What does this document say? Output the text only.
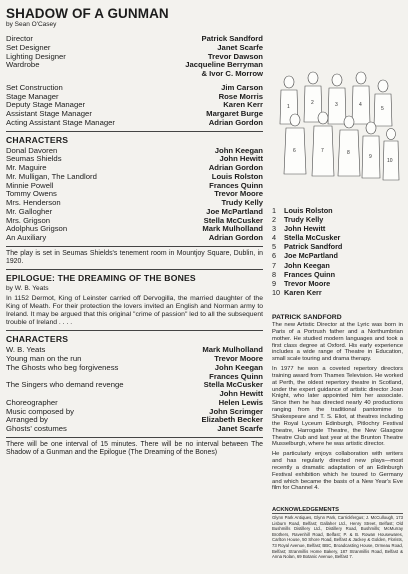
SHADOW OF A GUNMAN
by Sean O'Casey
Director	Patrick Sandford
Set Designer	Janet Scarfe
Lighting Designer	Trevor Dawson
Wardrobe	Jacqueline Berryman
& Ivor C. Morrow
Set Construction	Jim Carson
Stage Manager	Rose Morris
Deputy Stage Manager	Karen Kerr
Assistant Stage Manager	Margaret Burge
Acting Assistant Stage Manager	Adrian Gordon
CHARACTERS
Donal Davoren	John Keegan
Seumas Shields	John Hewitt
Mr. Maguire	Adrian Gordon
Mr. Mulligan, The Landlord	Louis Rolston
Minnie Powell	Frances Quinn
Tommy Owens	Trevor Moore
Mrs. Henderson	Trudy Kelly
Mr. Gallogher	Joe McPartland
Mrs. Grigson	Stella McCusker
Adolphus Grigson	Mark Mulholland
An Auxiliary	Adrian Gordon
The play is set in Seumas Shields's tenement room in Mountjoy Square, Dublin, in 1920.
EPILOGUE: THE DREAMING OF THE BONES
by W. B. Yeats
In 1152 Dermot, King of Leinster carried off Dervogilla, the married daughter of the King of Meath. For their protection the lovers invited an English and Norman army to Ireland. It may be argued that this original "crime of passion" led to all the subsequent trouble of Ireland . . . .
CHARACTERS
W. B. Yeats	Mark Mulholland
Young man on the run	Trevor Moore
The Ghosts who beg forgiveness	John Keegan
Frances Quinn
The Singers who demand revenge	Stella McCusker
John Hewitt
Choreographer	Helen Lewis
Music composed by	John Scrimger
Arranged by	Elizabeth Becker
Ghosts' costumes	Janet Scarfe
There will be one interval of 15 minutes. There will be no interval between The Shadow of a Gunman and the Epilogue (The Dreaming of the Bones)
1
2	3	4
5
6	7	8
9
10
1	Louis Rolston
2	Trudy Kelly
3	John Hewitt
4	Stella McCusker
5	Patrick Sandford
6	Joe McPartland
7	John Keegan
8	Frances Quinn
9	Trevor Moore
10 Karen Kerr
PATRICK SANDFORD

The new Artistic Director at the Lyric was born in Paris of a Portrush father and a Northumbrian mother. He studied modern languages and took a first class degree at Oxford. His early experience includes a wide range of Theatre in Education, small scale touring and drama therapy.

In 1977 he won a coveted repertory directors training award from Thames Television. He worked at Perth, the oldest repertory theatre in Scotland, under the expert guidance of artistic director Joan Knight, who later appointed him her associate. Since then he has directed nearly 40 productions ranging from the traditional pantomime to Shakespeare and T. S. Eliot, at theatres including the Royal Lyceum Edinburgh, Pitlochry Festival Theatre, Harrogate Theatre, the New Glasgow Theatre Club and last year at the Brunton Theatre Musselburgh, where he was artistic director.

He particularly enjoys collaboration with writers and has regularly directed new plays—most recently a dramatic adaptation of an Edinburgh Festival exhibition which he toured to Germany and which became the basis of a New Year's Eve film for Channel 4.

ACKNOWLEDGEMENTS
Glynn Park Antiques, Glynn Park, Carrickfergus; J. McCullough, 173 Lisburn Road, Belfast; Gallaher Ltd., Henry Street, Belfast; Old Bushmills Distillery Ltd., Distillery Road, Bushmills; McMurray Brothers, Ravenhill Road, Belfast; P. & B. Rowan Housewares, Carlton House, 50 Shore Road, Belfast & Jackey & Golden, Florists, 73 Royal Avenue, Belfast; BBC, Broadcasting House, Ormeau Road, Belfast; Stranmillis Home Bakery, 187 Stranmillis Road, Belfast & Anna Nolan, 69 Botanic Avenue, Belfast 7.
